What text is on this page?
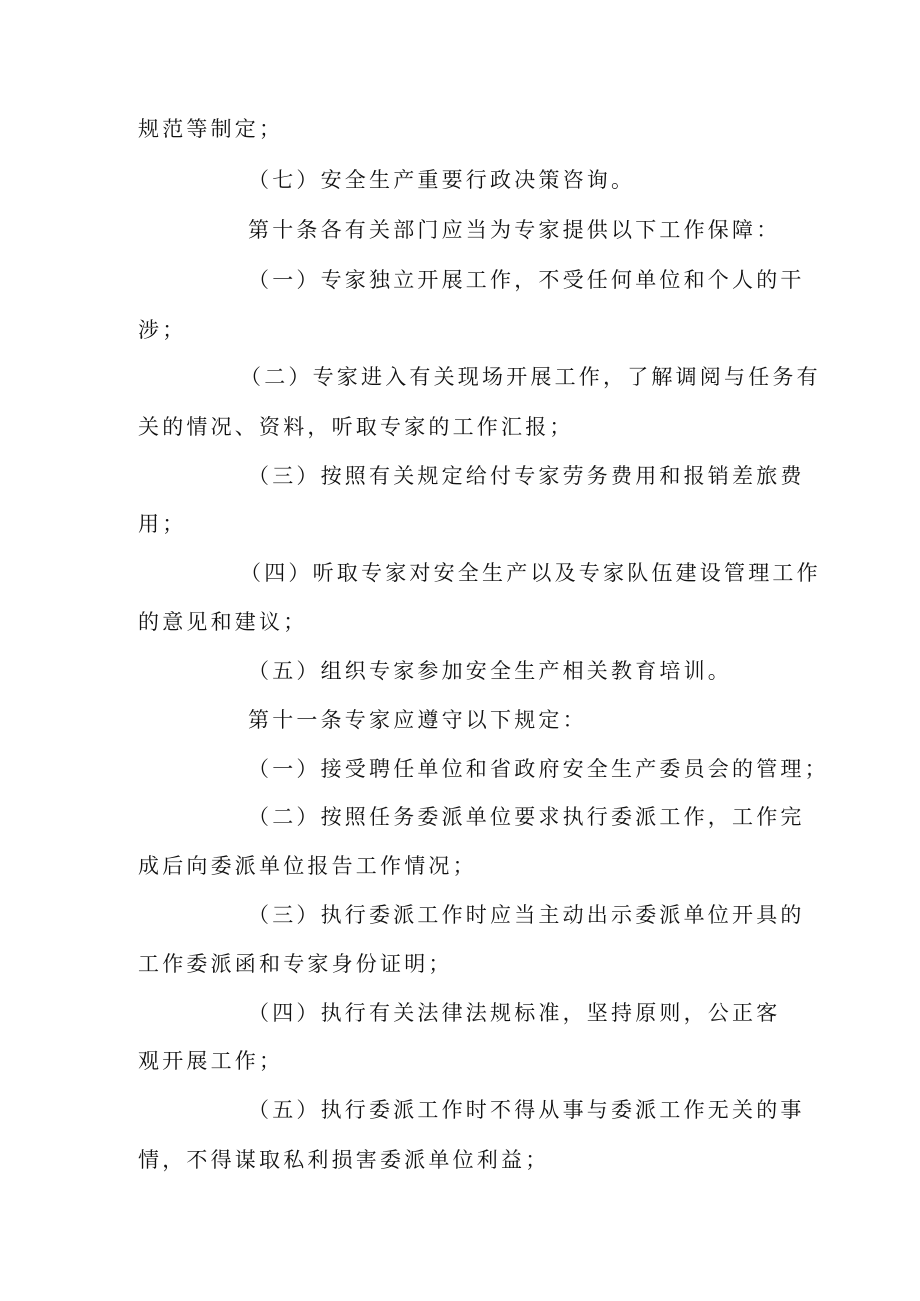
规范等制定；
（七）安全生产重要行政决策咨询。
第十条各有关部门应当为专家提供以下工作保障：
（一）专家独立开展工作，不受任何单位和个人的干
涉；
（二）专家进入有关现场开展工作，了解调阅与任务有
关的情况、资料，听取专家的工作汇报；
（三）按照有关规定给付专家劳务费用和报销差旅费
用；
（四）听取专家对安全生产以及专家队伍建设管理工作
的意见和建议；
（五）组织专家参加安全生产相关教育培训。
第十一条专家应遵守以下规定：
（一）接受聘任单位和省政府安全生产委员会的管理；
（二）按照任务委派单位要求执行委派工作，工作完
成后向委派单位报告工作情况；
（三）执行委派工作时应当主动出示委派单位开具的
工作委派函和专家身份证明；
（四）执行有关法律法规标准，坚持原则，公正客
观开展工作；
（五）执行委派工作时不得从事与委派工作无关的事
情，不得谋取私利损害委派单位利益；
